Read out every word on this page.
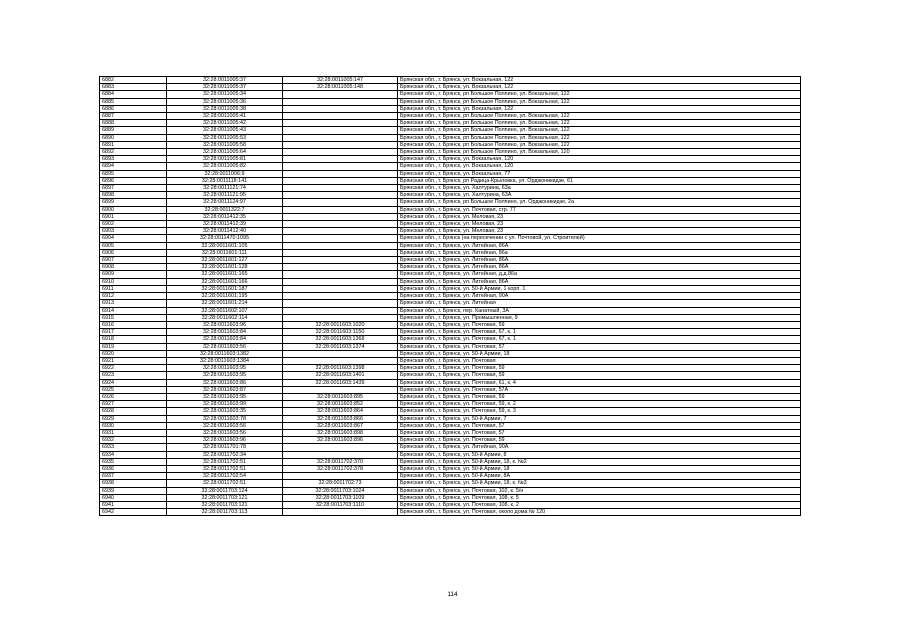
6882	32:28:0011005:37	32:28:0011005:147	Брянская обл., г. Брянск, ул. Вокзальная, 122
6883	32:28:0011005:37	32:28:0011005:148	Брянская обл., г. Брянск, ул. Вокзальная, 122
6884	32:28:0011005:34		Брянская обл., г. Брянск, рп Большое Полпино, ул. Вокзальная, 122
6885	32:28:0011005:36		Брянская обл., г. Брянск, рп Большое Полпино, ул. Вокзальная, 122
6886	32:28:0011005:38		Брянская обл., г. Брянск, ул. Вокзальная, 122
6887	32:28:0011005:41		Брянская обл., г. Брянск, рп Большое Полпино, ул. Вокзальная, 122
6888	32:28:0011005:42		Брянская обл., г. Брянск, рп Большое Полпино, ул. Вокзальная, 122
6889	32:28:0011005:43		Брянская обл., г. Брянск, рп Большое Полпино, ул. Вокзальная, 122
6890	32:28:0011005:53		Брянская обл., г. Брянск, рп Большое Полпино, ул. Вокзальная, 122
6891	32:28:0011005:58		Брянская обл., г. Брянск, рп Большое Полпино, ул. Вокзальная, 122
6892	32:28:0011005:64		Брянская обл., г. Брянск, рп Большое Полпино, ул. Вокзальная, 120
6893	32:28:0011005:81		Брянская обл., г. Брянск, ул. Вокзальная, 120
6894	32:28:0011005:82		Брянская обл., г. Брянск, ул. Вокзальная, 120
6895	32:28:0011006:9		Брянская обл., г. Брянск, ул. Вокзальная, 77
6896	32:28:0011118:141		Брянская обл., г. Брянск, рп Радица-Крыловка, ул. Орджоникидзе, 61
6897	32:28:0011121:74		Брянская обл., г. Брянск, ул. Халтурина, 63а
6898	32:28:0011121:95		Брянская обл., г. Брянск, ул. Халтурина, 63А
6899	32:28:0011124:97		Брянская обл., г. Брянск, рп Большое Полпино, ул. Орджоникидзе, 2а
6900	32:28:0011322:7		Брянская обл., г. Брянск, ул. Почтовая, стр. 77
6901	32:28:0011412:35		Брянская обл., г. Брянск, ул. Меловая, 23
6902	32:28:0011412:39		Брянская обл., г. Брянск, ул. Меловая, 23
6903	32:28:0011412:40		Брянская обл., г. Брянск, ул. Меловая, 23
6904	32:28:0011470:1095		Брянская обл., г. Брянск (на пересечении с ул. Почтовой, ул. Строителей)
6905	32:28:0011601:105		Брянская обл., г. Брянск, ул. Литейная, 86А
6906	32:28:0011601:111		Брянская обл., г. Брянск, ул. Литейная, 86а
6907	32:28:0011601:127		Брянская обл., г. Брянск, ул. Литейная, 86А
6908	32:28:0011601:128		Брянская обл., г. Брянск, ул. Литейная, 86А
6909	32:28:0011601:165		Брянская обл., г. Брянск, ул. Литейная, д.д.86а
6910	32:28:0011601:166		Брянская обл., г. Брянск, ул. Литейная, 86А
6911	32:28:0011601:187		Брянская обл., г. Брянск, ул. 50-й Армии, 1 корп. 1
6912	32:28:0011601:195		Брянская обл., г. Брянск, ул. Литейная, 90А
6913	32:28:0011601:214		Брянская обл., г. Брянск, ул. Литейная
6914	32:28:0011602:107		Брянская обл., г. Брянск, пер. Канатный, 3А
6915	32:28:0011602:114		Брянская обл., г. Брянск, ул. Промышленная, 9
6916	32:28:0011603:96	32:28:0011603:1020	Брянская обл., г. Брянск, ул. Почтовая, 59
6917	32:28:0011603:84	32:28:0011603:1150	Брянская обл., г. Брянск, ул. Почтовая, 67, к. 1
6918	32:28:0011603:84	32:28:0011603:1368	Брянская обл., г. Брянск, ул. Почтовая, 67, к. 1
6919	32:28:0011603:56	32:28:0011603:1374	Брянская обл., г. Брянск, ул. Почтовая, 57
6920	32:28:0011603:1382		Брянская обл., г. Брянск, ул. 50-й Армии, 18
6921	32:28:0011603:1384		Брянская обл., г. Брянск, ул. Почтовая
6922	32:28:0011603:95	32:28:0011603:1398	Брянская обл., г. Брянск, ул. Почтовая, 59
6923	32:28:0011603:95	32:28:0011603:1401	Брянская обл., г. Брянск, ул. Почтовая, 59
6924	32:28:0011603:86	32:28:0011603:1439	Брянская обл., г. Брянск, ул. Почтовая, 61, к. 4
6925	32:28:0011603:87		Брянская обл., г. Брянск, ул. Почтовая, 57А
6926	32:28:0011603:95	32:28:0011603:895	Брянская обл., г. Брянск, ул. Почтовая, 59
6927	32:28:0011603:99	32:28:0011603:852	Брянская обл., г. Брянск, ул. Почтовая, 59, к. 2
6928	32:28:0011603:35	32:28:0011603:864	Брянская обл., г. Брянск, ул. Почтовая, 59, к. 3
6929	32:28:0011603:78	32:28:0011603:866	Брянская обл., г. Брянск, ул. 50-й Армии, 7
6930	32:28:0011603:56	32:28:0011603:867	Брянская обл., г. Брянск, ул. Почтовая, 57
6931	32:28:0011603:56	32:28:0011603:898	Брянская обл., г. Брянск, ул. Почтовая, 57
6932	32:28:0011603:96	32:28:0011603:896	Брянская обл., г. Брянск, ул. Почтовая, 59
6933	32:28:0011701:78		Брянская обл., г. Брянск, ул. Литейная, 90А
6934	32:28:0011702:34		Брянская обл., г. Брянск, ул. 50-й Армии, 8
6935	32:28:0011702:51	32:28:0011702:370	Брянская обл., г. Брянск, ул. 50-й Армии, 18, к. №2
6936	32:28:0011702:51	32:28:0011702:378	Брянская обл., г. Брянск, ул. 50-й Армии, 18
6937	32:28:0011702:54		Брянская обл., г. Брянск, ул. 50-й Армии, 8А
6938	32:28:0011702:51	32:28:0011702:73	Брянская обл., г. Брянск, ул. 50-й Армии, 18, к. №3
6939	32:28:0011703:124	32:28:0011703:1024	Брянская обл., г. Брянск, ул. Почтовая, 102, к. 5/н
6940	32:28:0011703:121	32:28:0011703:1109	Брянская обл., г. Брянск, ул. Почтовая, 108, к. 5
6941	32:28:0011703:121	32:28:0011703:1110	Брянская обл., г. Брянск, ул. Почтовая, 108, к. 2
6942	32:28:0011703:113		Брянская обл., г. Брянск, ул. Почтовая, около дома № 120
114
